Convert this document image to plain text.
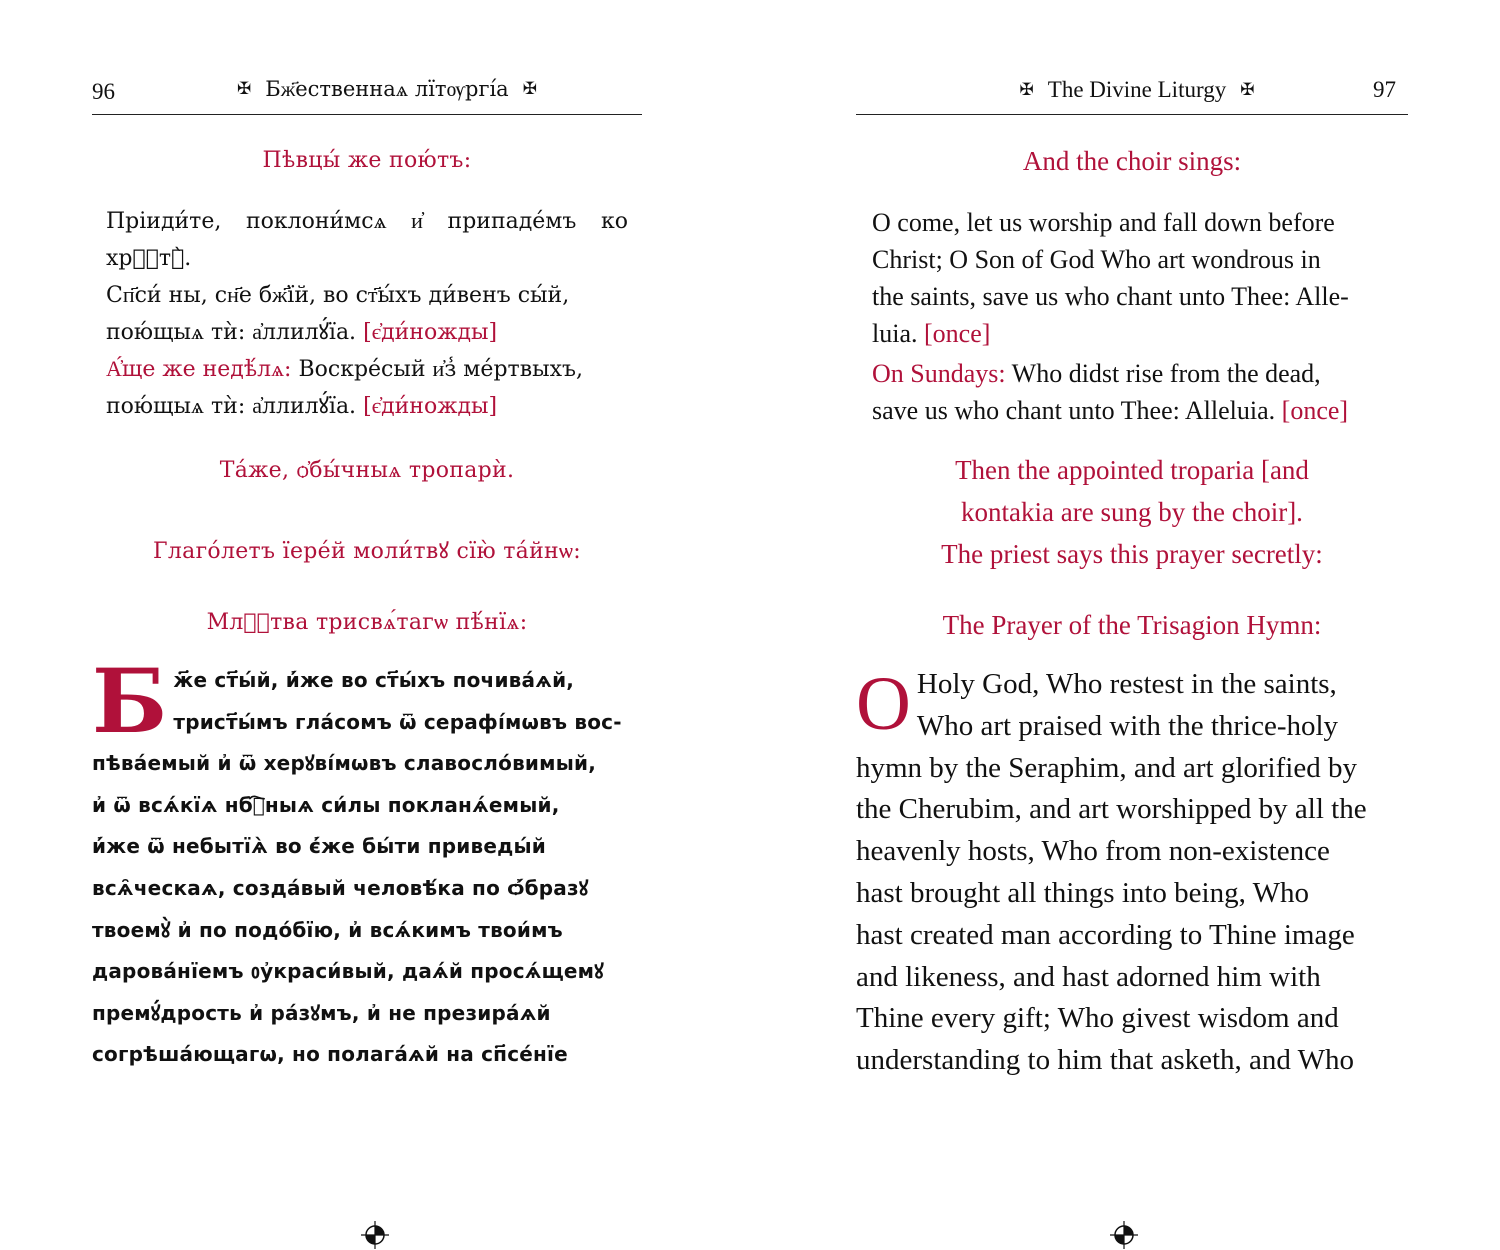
96	✠ Бж҃ественнаѧ лїтѹргі́а ✠
Пѣвцы́ же пою́тъ:

Пріиди́те, поклони́мсѧ и҆ припаде́мъ ко хрⷭ҇тꙋ̀.

Сп҃си́ ны, сн҃е бж҃їй, во ст҃ы́хъ ди́венъ сы́й,

пою́щыѧ тѝ: а҆ллилꙋ́їа. [є҆ди́ножды]

А҆́ще же недѣ́лѧ: Воскре́сый и҆з̾ ме́ртвыхъ,

пою́щыѧ тѝ: а҆ллилꙋ́їа. [є҆ди́ножды]

Та́же, ѻ҆бы́чныѧ тропарѝ.
Глаго́летъ їере́й моли́твꙋ сїю̀ та́йнѡ:
Млⷭ҇тва трисвѧ́тагѡ пѣ́нїѧ:
Б ж҃е ст҃ы́й, и҆́же во ст҃ы́хъ почива́ѧй,

трист҃ы́мъ гла́сомъ ѿ серафі́мѡвъ вос-

пѣва́емый и҆ ѿ херꙋві́мѡвъ славосло́вимый,

и҆ ѿ всѧ́кїѧ нбⷭ҇ныѧ си́лы покланѧ́емый,

и҆́же ѿ небытїѧ̀ во є҆́же бы́ти приведы́й

всѧ̑ческаѧ, созда́вый человѣ́ка по ѻ҆́бразꙋ

твоемꙋ̀ и҆ по подо́бїю, и҆ всѧ́кимъ твои́мъ

дарова́нїемъ ᲂу҆краси́вый, даѧ́й просѧ́щемꙋ

премꙋ́дрость и҆ ра́зꙋмъ, и҆ не презира́ѧй

согрѣша́ющагѡ, но полага́ѧй на сп҃се́нїе

✠ The Divine Liturgy ✠	97
And the choir sings:

O come, let us worship and fall down before

Christ; O Son of God Who art wondrous in

the saints, save us who chant unto Thee: Alle-

luia. [once]

On Sundays: Who didst rise from the dead,

save us who chant unto Thee: Alleluia. [once]

Then the appointed troparia [and
kontakia are sung by the choir].
The priest says this prayer secretly:
The Prayer of the Trisagion Hymn:
O Holy God, Who restest in the saints,

Who art praised with the thrice-holy

hymn by the Seraphim, and art glorified by

the Cherubim, and art worshipped by all the

heavenly hosts, Who from non-existence

hast brought all things into being, Who

hast created man according to Thine image

and likeness, and hast adorned him with

Thine every gift; Who givest wisdom and

understanding to him that asketh, and Who
